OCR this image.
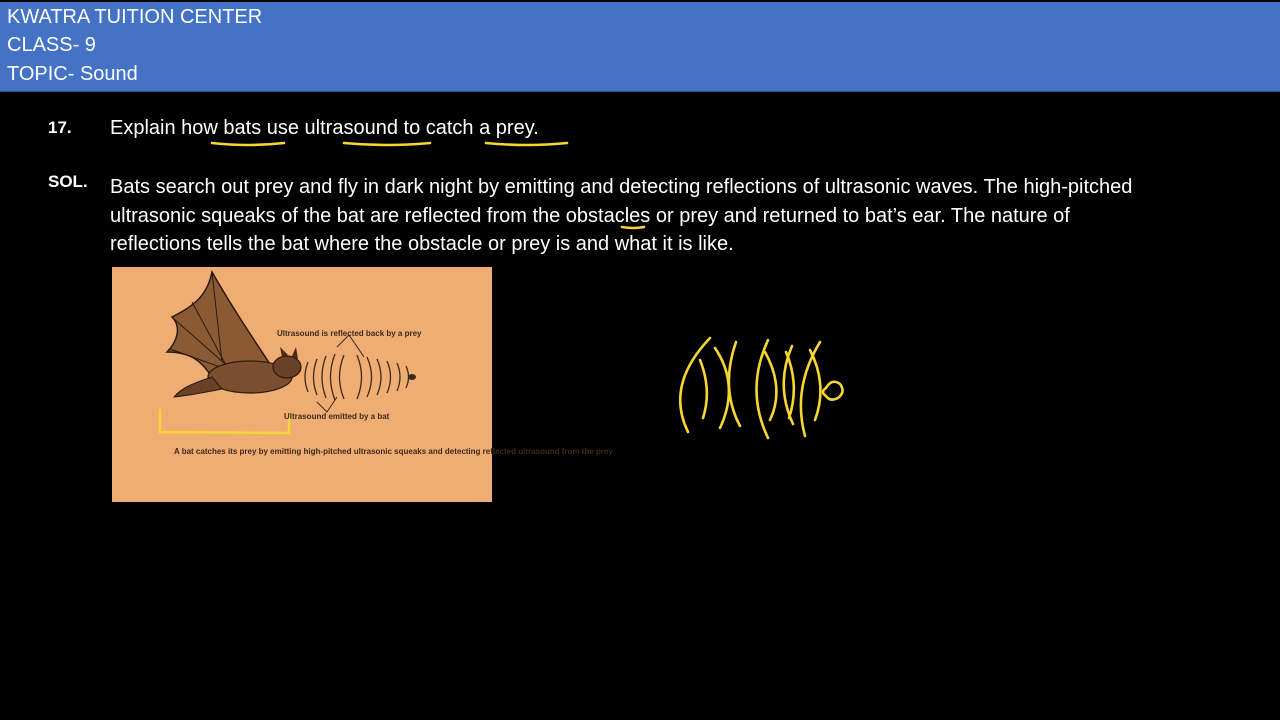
KWATRA TUITION CENTER
CLASS- 9
TOPIC- Sound
17. Explain how bats use ultrasound to catch a prey.
SOL. Bats search out prey and fly in dark night by emitting and detecting reflections of ultrasonic waves. The high-pitched
ultrasonic squeaks of the bat are reflected from the obstacles or prey and returned to bat’s ear. The nature of
reflections tells the bat where the obstacle or prey is and what it is like.
Ultrasound is reflected back by a prey
Ultrasound emitted by a bat
A bat catches its prey by emitting high-pitched ultrasonic squeaks and detecting reflected ultrasound from the prey
